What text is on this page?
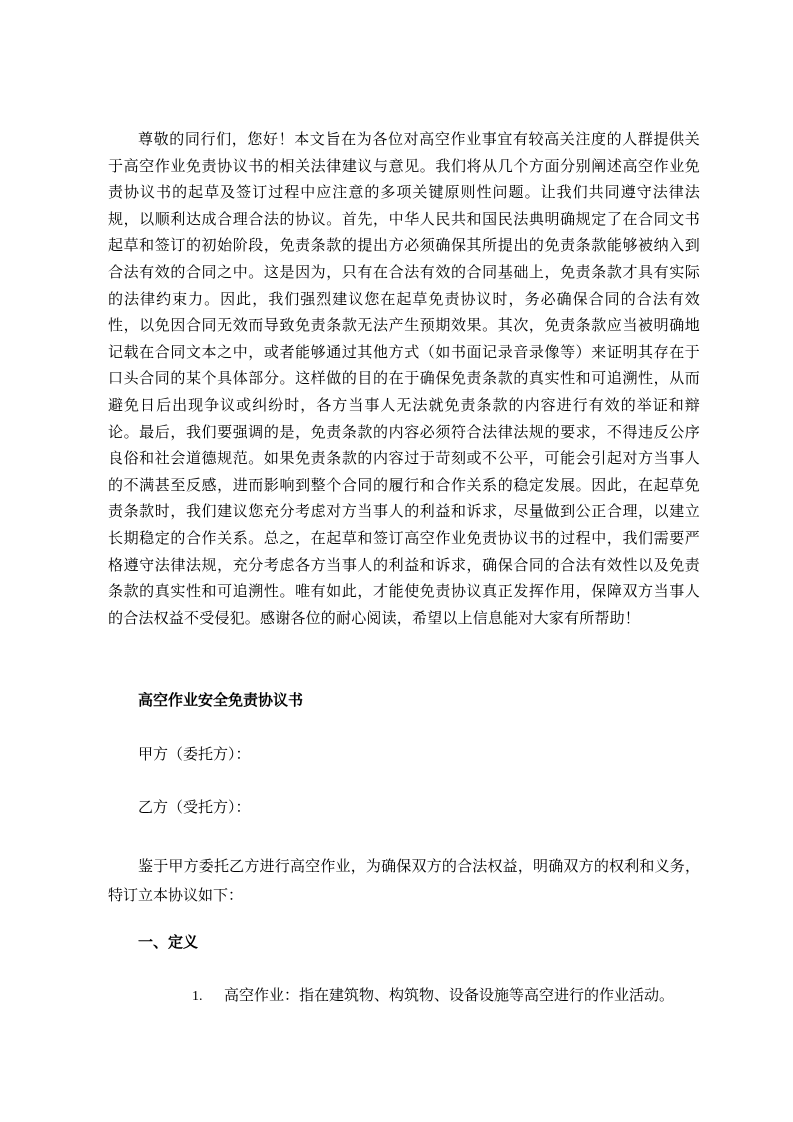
尊敬的同行们，您好！本文旨在为各位对高空作业事宜有较高关注度的人群提供关于高空作业免责协议书的相关法律建议与意见。我们将从几个方面分别阐述高空作业免责协议书的起草及签订过程中应注意的多项关键原则性问题。让我们共同遵守法律法规，以顺利达成合理合法的协议。首先，中华人民共和国民法典明确规定了在合同文书起草和签订的初始阶段，免责条款的提出方必须确保其所提出的免责条款能够被纳入到合法有效的合同之中。这是因为，只有在合法有效的合同基础上，免责条款才具有实际的法律约束力。因此，我们强烈建议您在起草免责协议时，务必确保合同的合法有效性，以免因合同无效而导致免责条款无法产生预期效果。其次，免责条款应当被明确地记载在合同文本之中，或者能够通过其他方式（如书面记录音录像等）来证明其存在于口头合同的某个具体部分。这样做的目的在于确保免责条款的真实性和可追溯性，从而避免日后出现争议或纠纷时，各方当事人无法就免责条款的内容进行有效的举证和辩论。最后，我们要强调的是，免责条款的内容必须符合法律法规的要求，不得违反公序良俗和社会道德规范。如果免责条款的内容过于苛刻或不公平，可能会引起对方当事人的不满甚至反感，进而影响到整个合同的履行和合作关系的稳定发展。因此，在起草免责条款时，我们建议您充分考虑对方当事人的利益和诉求，尽量做到公正合理，以建立长期稳定的合作关系。总之，在起草和签订高空作业免责协议书的过程中，我们需要严格遵守法律法规，充分考虑各方当事人的利益和诉求，确保合同的合法有效性以及免责条款的真实性和可追溯性。唯有如此，才能使免责协议真正发挥作用，保障双方当事人的合法权益不受侵犯。感谢各位的耐心阅读，希望以上信息能对大家有所帮助！

高空作业安全免责协议书

甲方（委托方）：

乙方（受托方）：

鉴于甲方委托乙方进行高空作业，为确保双方的合法权益，明确双方的权利和义务，特订立本协议如下：

一、定义

1. 高空作业：指在建筑物、构筑物、设备设施等高空进行的作业活动。
